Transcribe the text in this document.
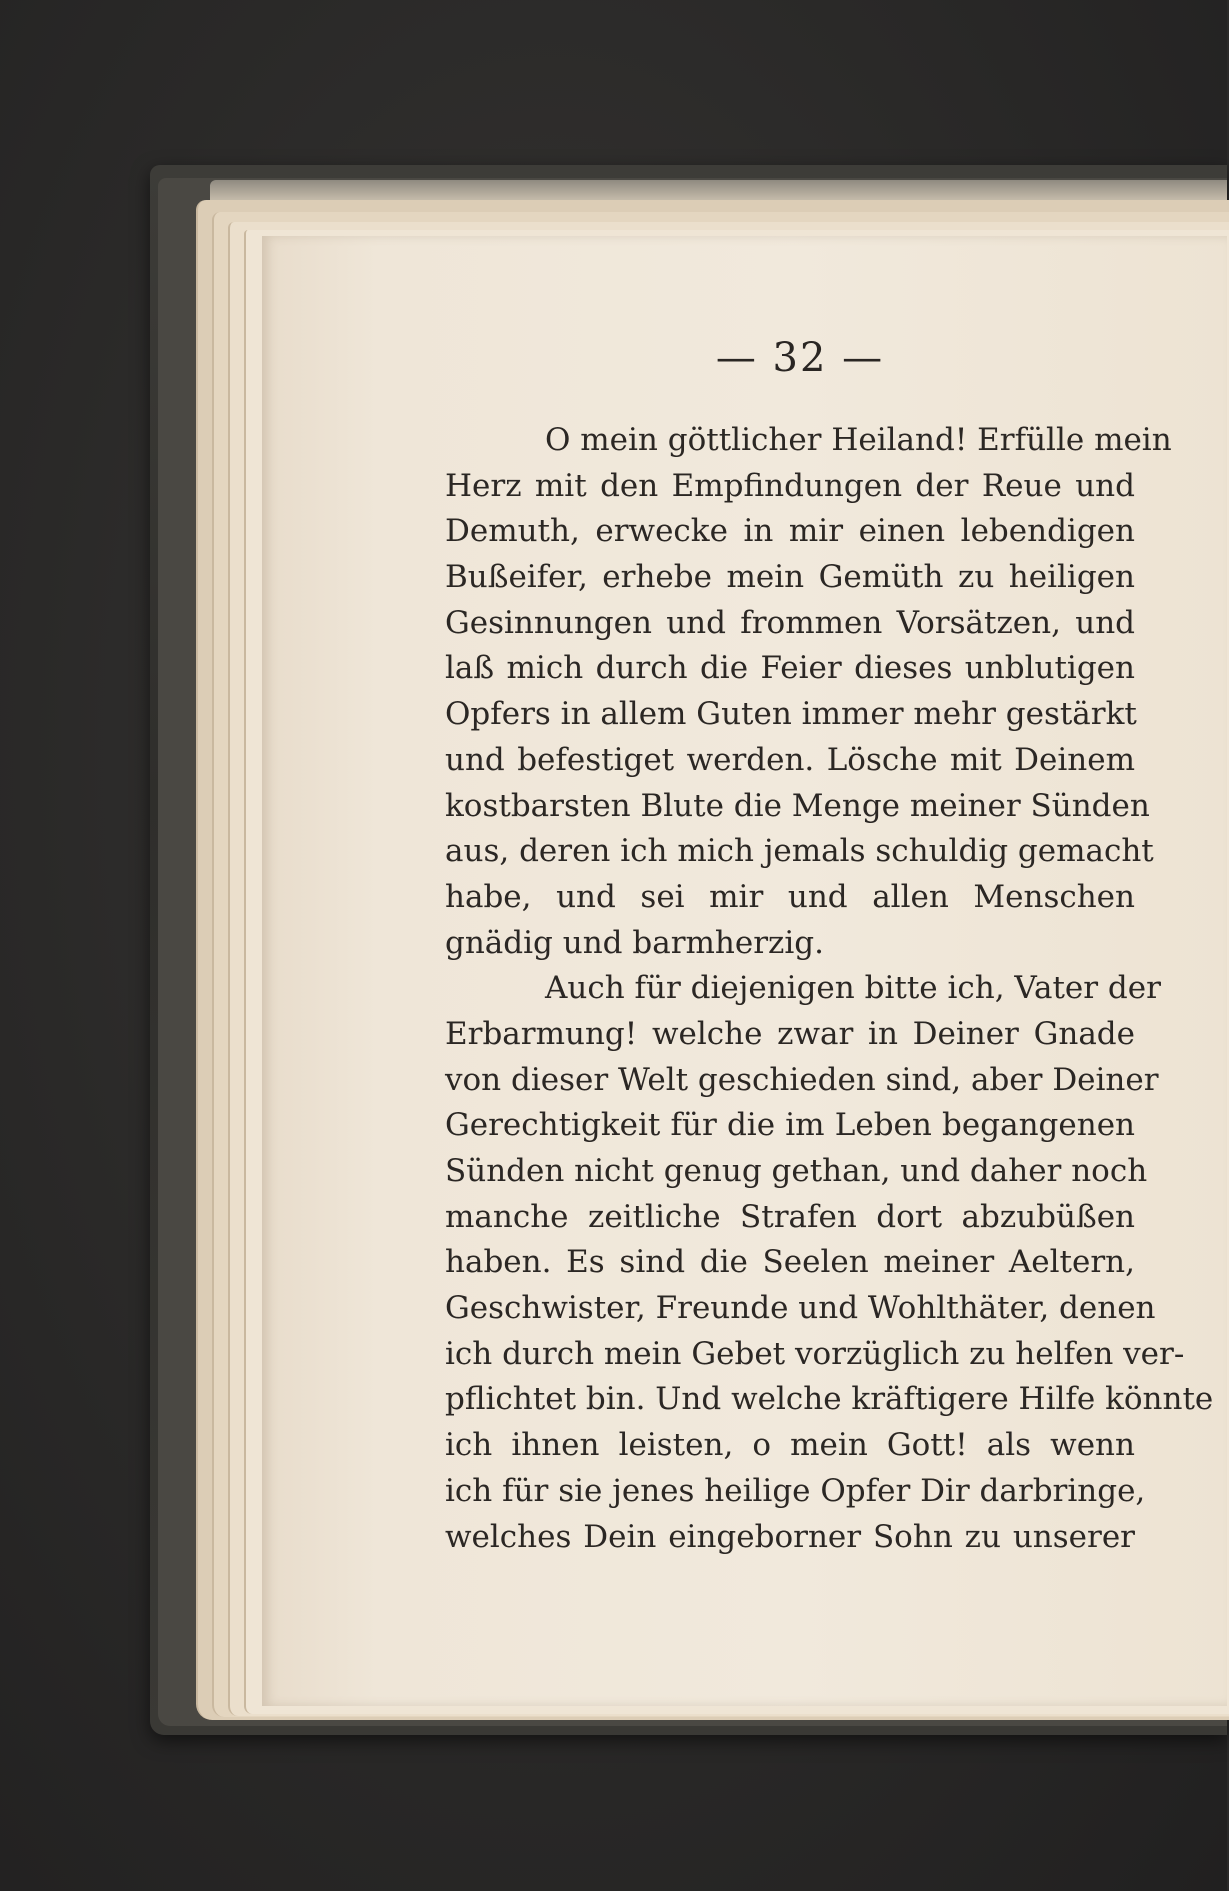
— 32 —
O mein göttlicher Heiland! Erfülle mein
Herz mit den Empfindungen der Reue und
Demuth, erwecke in mir einen lebendigen
Bußeifer, erhebe mein Gemüth zu heiligen
Gesinnungen und frommen Vorsätzen, und
laß mich durch die Feier dieses unblutigen
Opfers in allem Guten immer mehr gestärkt
und befestiget werden. Lösche mit Deinem
kostbarsten Blute die Menge meiner Sünden
aus, deren ich mich jemals schuldig gemacht
habe, und sei mir und allen Menschen
gnädig und barmherzig.
Auch für diejenigen bitte ich, Vater der
Erbarmung! welche zwar in Deiner Gnade
von dieser Welt geschieden sind, aber Deiner
Gerechtigkeit für die im Leben begangenen
Sünden nicht genug gethan, und daher noch
manche zeitliche Strafen dort abzubüßen
haben. Es sind die Seelen meiner Aeltern,
Geschwister, Freunde und Wohlthäter, denen
ich durch mein Gebet vorzüglich zu helfen ver-
pflichtet bin. Und welche kräftigere Hilfe könnte
ich ihnen leisten, o mein Gott! als wenn
ich für sie jenes heilige Opfer Dir darbringe,
welches Dein eingeborner Sohn zu unserer
